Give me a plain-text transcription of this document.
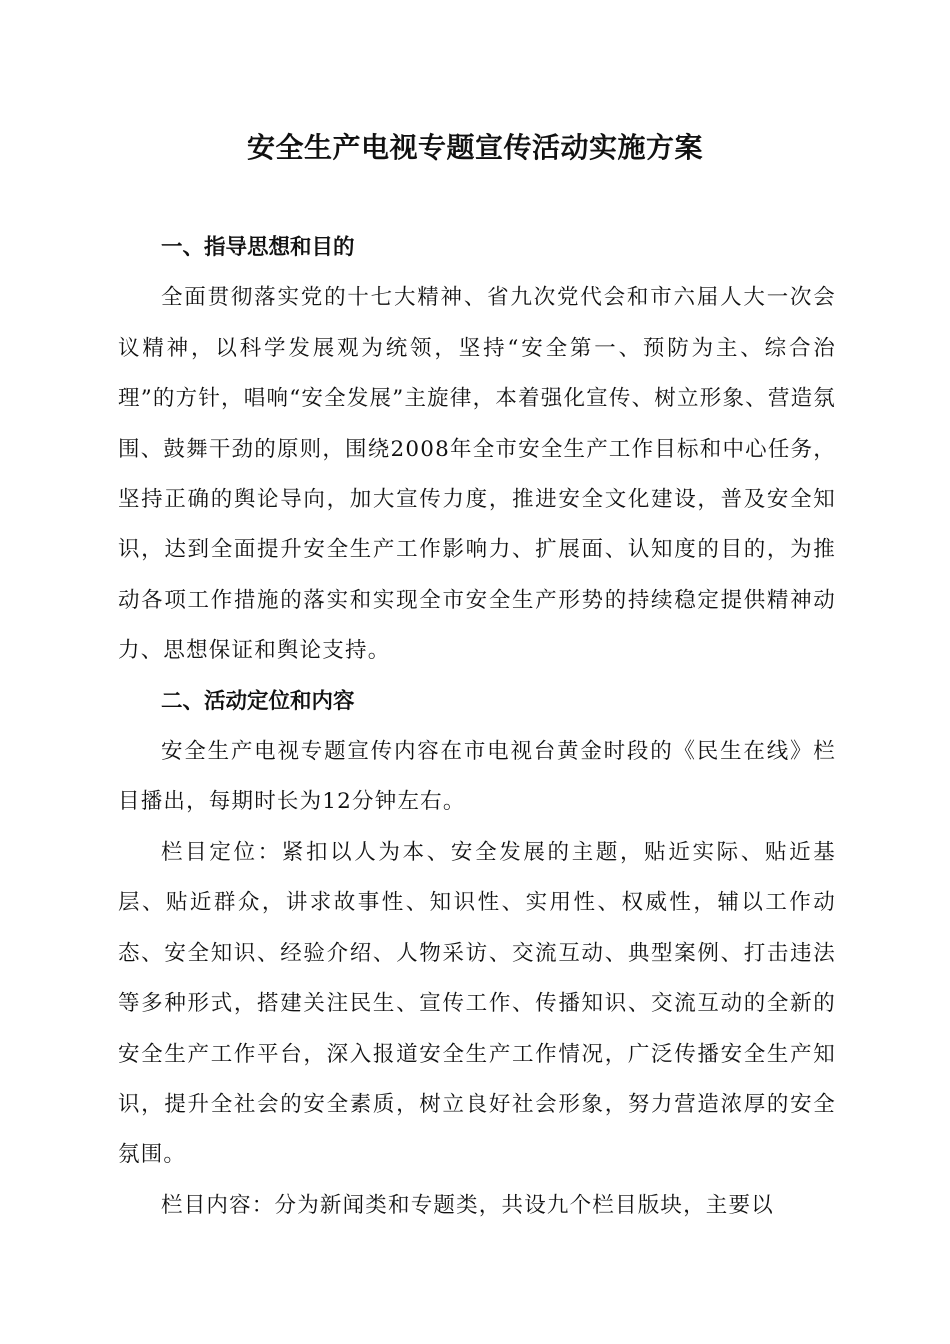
安全生产电视专题宣传活动实施方案
一、指导思想和目的

全面贯彻落实党的十七大精神、省九次党代会和市六届人大一次会议精神，以科学发展观为统领，坚持“安全第一、预防为主、综合治理”的方针，唱响“安全发展”主旋律，本着强化宣传、树立形象、营造氛围、鼓舞干劲的原则，围绕2008年全市安全生产工作目标和中心任务，坚持正确的舆论导向，加大宣传力度，推进安全文化建设，普及安全知识，达到全面提升安全生产工作影响力、扩展面、认知度的目的，为推动各项工作措施的落实和实现全市安全生产形势的持续稳定提供精神动力、思想保证和舆论支持。

二、活动定位和内容

安全生产电视专题宣传内容在市电视台黄金时段的《民生在线》栏目播出，每期时长为12分钟左右。

栏目定位：紧扣以人为本、安全发展的主题，贴近实际、贴近基层、贴近群众，讲求故事性、知识性、实用性、权威性，辅以工作动态、安全知识、经验介绍、人物采访、交流互动、典型案例、打击违法等多种形式，搭建关注民生、宣传工作、传播知识、交流互动的全新的安全生产工作平台，深入报道安全生产工作情况，广泛传播安全生产知识，提升全社会的安全素质，树立良好社会形象，努力营造浓厚的安全氛围。

栏目内容：分为新闻类和专题类，共设九个栏目版块，主要以
